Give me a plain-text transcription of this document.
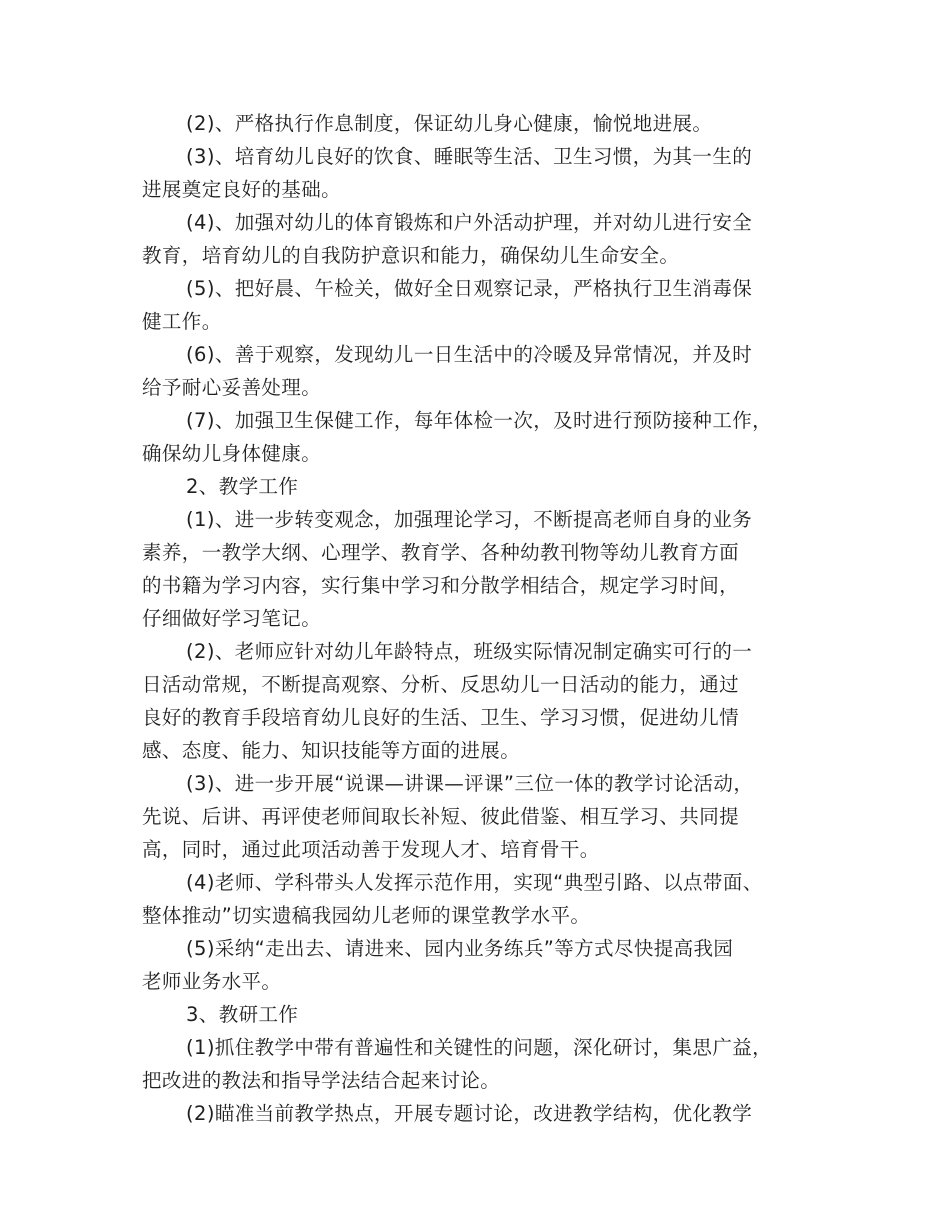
(2)、严格执行作息制度，保证幼儿身心健康，愉悦地进展。
(3)、培育幼儿良好的饮食、睡眠等生活、卫生习惯，为其一生的
进展奠定良好的基础。
(4)、加强对幼儿的体育锻炼和户外活动护理，并对幼儿进行安全
教育，培育幼儿的自我防护意识和能力，确保幼儿生命安全。
(5)、把好晨、午检关，做好全日观察记录，严格执行卫生消毒保
健工作。
(6)、善于观察，发现幼儿一日生活中的冷暖及异常情况，并及时
给予耐心妥善处理。
(7)、加强卫生保健工作，每年体检一次，及时进行预防接种工作，
确保幼儿身体健康。
2、教学工作
(1)、进一步转变观念，加强理论学习，不断提高老师自身的业务
素养，一教学大纲、心理学、教育学、各种幼教刊物等幼儿教育方面
的书籍为学习内容，实行集中学习和分散学相结合，规定学习时间，
仔细做好学习笔记。
(2)、老师应针对幼儿年龄特点，班级实际情况制定确实可行的一
日活动常规，不断提高观察、分析、反思幼儿一日活动的能力，通过
良好的教育手段培育幼儿良好的生活、卫生、学习习惯，促进幼儿情
感、态度、能力、知识技能等方面的进展。
(3)、进一步开展“说课—讲课—评课”三位一体的教学讨论活动，
先说、后讲、再评使老师间取长补短、彼此借鉴、相互学习、共同提
高，同时，通过此项活动善于发现人才、培育骨干。
(4)老师、学科带头人发挥示范作用，实现“典型引路、以点带面、
整体推动”切实遗稿我园幼儿老师的课堂教学水平。
(5)采纳“走出去、请进来、园内业务练兵”等方式尽快提高我园
老师业务水平。
3、教研工作
(1)抓住教学中带有普遍性和关键性的问题，深化研讨，集思广益，
把改进的教法和指导学法结合起来讨论。
(2)瞄准当前教学热点，开展专题讨论，改进教学结构，优化教学
